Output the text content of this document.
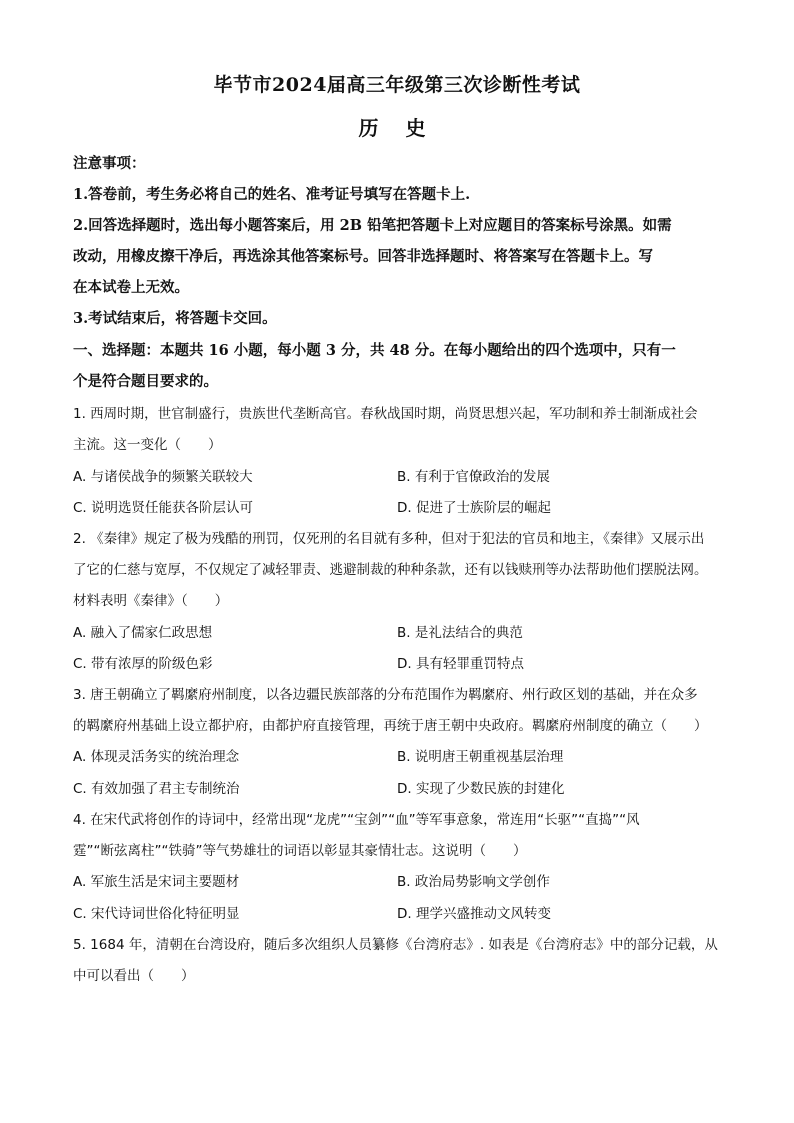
毕节市2024届高三年级第三次诊断性考试
历 史
注意事项：
1.答卷前，考生务必将自己的姓名、准考证号填写在答题卡上.
2.回答选择题时，选出每小题答案后，用 2B 铅笔把答题卡上对应题目的答案标号涂黑。如需
改动，用橡皮擦干净后，再选涂其他答案标号。回答非选择题时、将答案写在答题卡上。写
在本试卷上无效。
3.考试结束后，将答题卡交回。
一、选择题：本题共 16 小题，每小题 3 分，共 48 分。在每小题给出的四个选项中，只有一
个是符合题目要求的。
1. 西周时期，世官制盛行，贵族世代垄断高官。春秋战国时期，尚贤思想兴起，军功制和养士制渐成社会
主流。这一变化（　　）
A. 与诸侯战争的频繁关联较大	B. 有利于官僚政治的发展
C. 说明选贤任能获各阶层认可	D. 促进了士族阶层的崛起
2. 《秦律》规定了极为残酷的刑罚，仅死刑的名目就有多种，但对于犯法的官员和地主，《秦律》又展示出
了它的仁慈与宽厚，不仅规定了减轻罪责、逃避制裁的种种条款，还有以钱赎刑等办法帮助他们摆脱法网。
材料表明《秦律》（　　）
A. 融入了儒家仁政思想	B. 是礼法结合的典范
C. 带有浓厚的阶级色彩	D. 具有轻罪重罚特点
3. 唐王朝确立了羁縻府州制度，以各边疆民族部落的分布范围作为羁縻府、州行政区划的基础，并在众多
的羁縻府州基础上设立都护府，由都护府直接管理，再统于唐王朝中央政府。羁縻府州制度的确立（　　）
A. 体现灵活务实的统治理念	B. 说明唐王朝重视基层治理
C. 有效加强了君主专制统治	D. 实现了少数民族的封建化
4. 在宋代武将创作的诗词中，经常出现“龙虎”“宝剑”“血”等军事意象，常连用“长驱”“直捣”“风
霆”“断弦离柱”“铁骑”等气势雄壮的词语以彰显其豪情壮志。这说明（　　）
A. 军旅生活是宋词主要题材	B. 政治局势影响文学创作
C. 宋代诗词世俗化特征明显	D. 理学兴盛推动文风转变
5. 1684 年，清朝在台湾设府，随后多次组织人员纂修《台湾府志》. 如表是《台湾府志》中的部分记载，从
中可以看出（　　）
